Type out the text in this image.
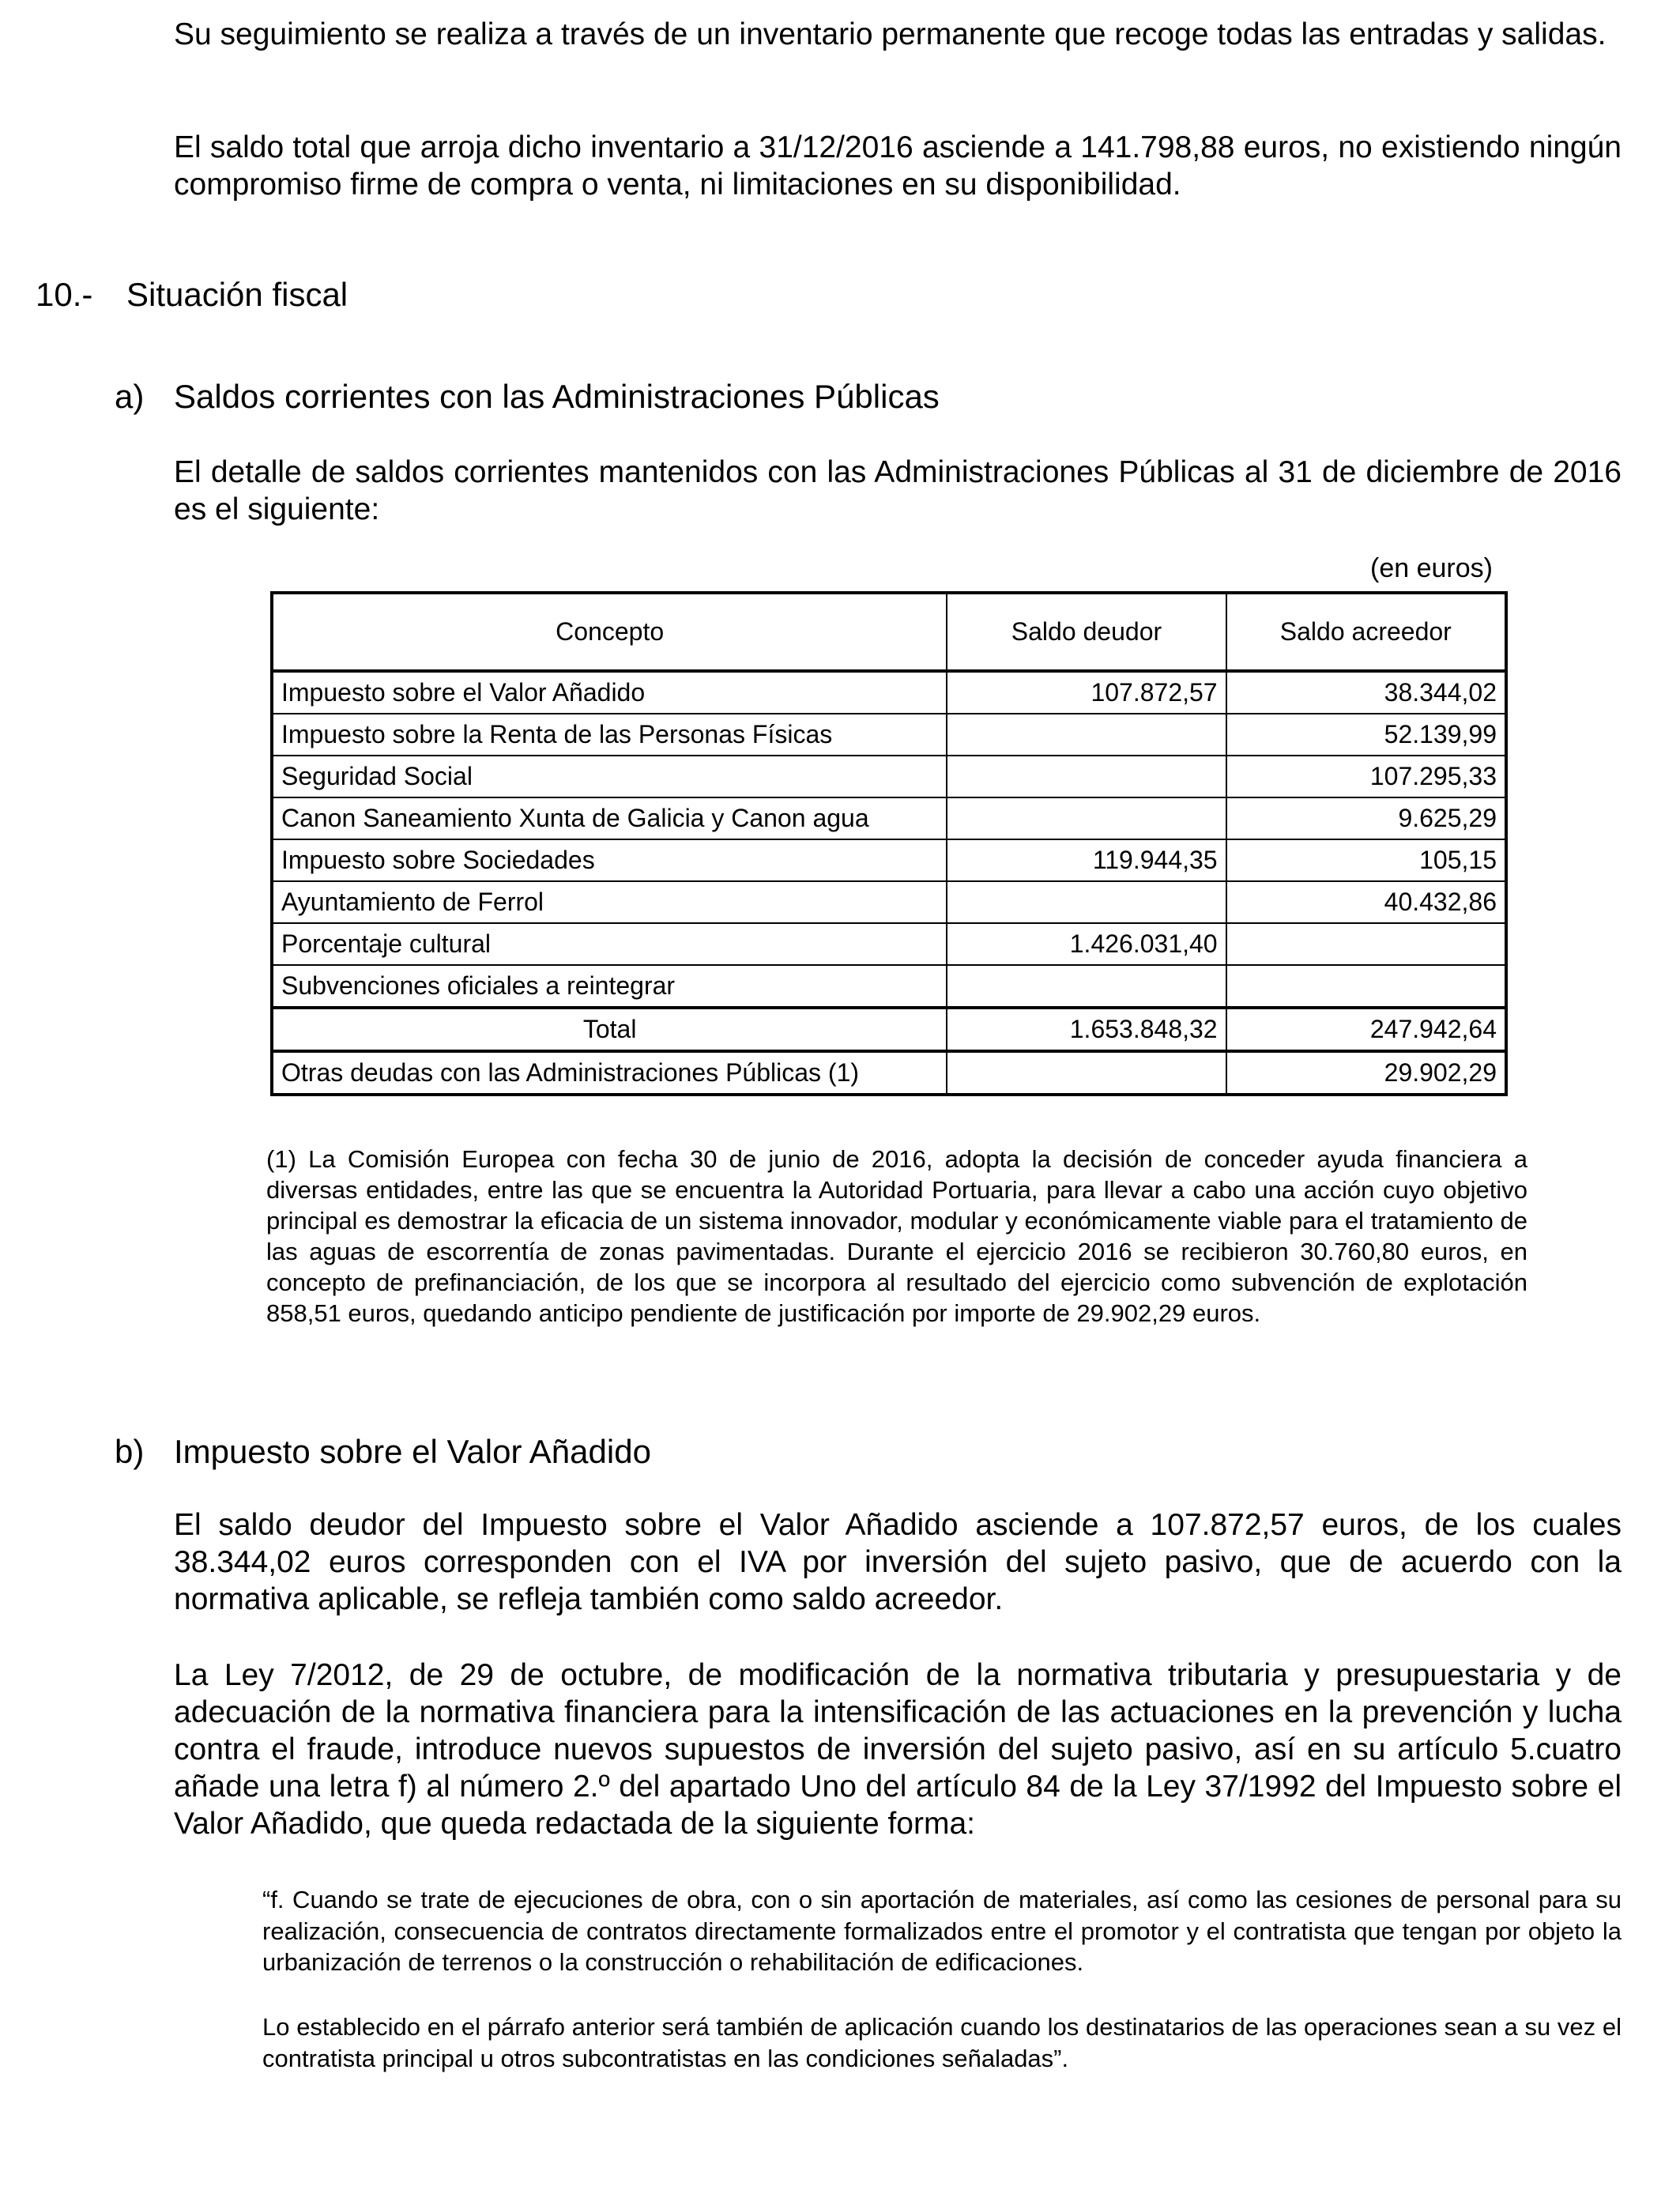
Su seguimiento se realiza a través de un inventario permanente que recoge todas las entradas y salidas.

El saldo total que arroja dicho inventario a 31/12/2016 asciende a 141.798,88 euros, no existiendo ningún compromiso firme de compra o venta, ni limitaciones en su disponibilidad.

10.- Situación fiscal
a) Saldos corrientes con las Administraciones Públicas

El detalle de saldos corrientes mantenidos con las Administraciones Públicas al 31 de diciembre de 2016 es el siguiente:

(en euros)
Concepto	Saldo deudor	Saldo acreedor
Impuesto sobre el Valor Añadido	107.872,57	38.344,02
Impuesto sobre la Renta de las Personas Físicas		52.139,99
Seguridad Social		107.295,33
Canon Saneamiento Xunta de Galicia y Canon agua		9.625,29
Impuesto sobre Sociedades	119.944,35	105,15
Ayuntamiento de Ferrol		40.432,86
Porcentaje cultural	1.426.031,40	
Subvenciones oficiales a reintegrar		
Total	1.653.848,32	247.942,64
Otras deudas con las Administraciones Públicas (1)		29.902,29

(1) La Comisión Europea con fecha 30 de junio de 2016, adopta la decisión de conceder ayuda financiera a diversas entidades, entre las que se encuentra la Autoridad Portuaria, para llevar a cabo una acción cuyo objetivo principal es demostrar la eficacia de un sistema innovador, modular y económicamente viable para el tratamiento de las aguas de escorrentía de zonas pavimentadas. Durante el ejercicio 2016 se recibieron 30.760,80 euros, en concepto de prefinanciación, de los que se incorpora al resultado del ejercicio como subvención de explotación 858,51 euros, quedando anticipo pendiente de justificación por importe de 29.902,29 euros.

b) Impuesto sobre el Valor Añadido

El saldo deudor del Impuesto sobre el Valor Añadido asciende a 107.872,57 euros, de los cuales 38.344,02 euros corresponden con el IVA por inversión del sujeto pasivo, que de acuerdo con la normativa aplicable, se refleja también como saldo acreedor.

La Ley 7/2012, de 29 de octubre, de modificación de la normativa tributaria y presupuestaria y de adecuación de la normativa financiera para la intensificación de las actuaciones en la prevención y lucha contra el fraude, introduce nuevos supuestos de inversión del sujeto pasivo, así en su artículo 5.cuatro añade una letra f) al número 2.º del apartado Uno del artículo 84 de la Ley 37/1992 del Impuesto sobre el Valor Añadido, que queda redactada de la siguiente forma:

“f. Cuando se trate de ejecuciones de obra, con o sin aportación de materiales, así como las cesiones de personal para su realización, consecuencia de contratos directamente formalizados entre el promotor y el contratista que tengan por objeto la urbanización de terrenos o la construcción o rehabilitación de edificaciones.

Lo establecido en el párrafo anterior será también de aplicación cuando los destinatarios de las operaciones sean a su vez el contratista principal u otros subcontratistas en las condiciones señaladas”.
